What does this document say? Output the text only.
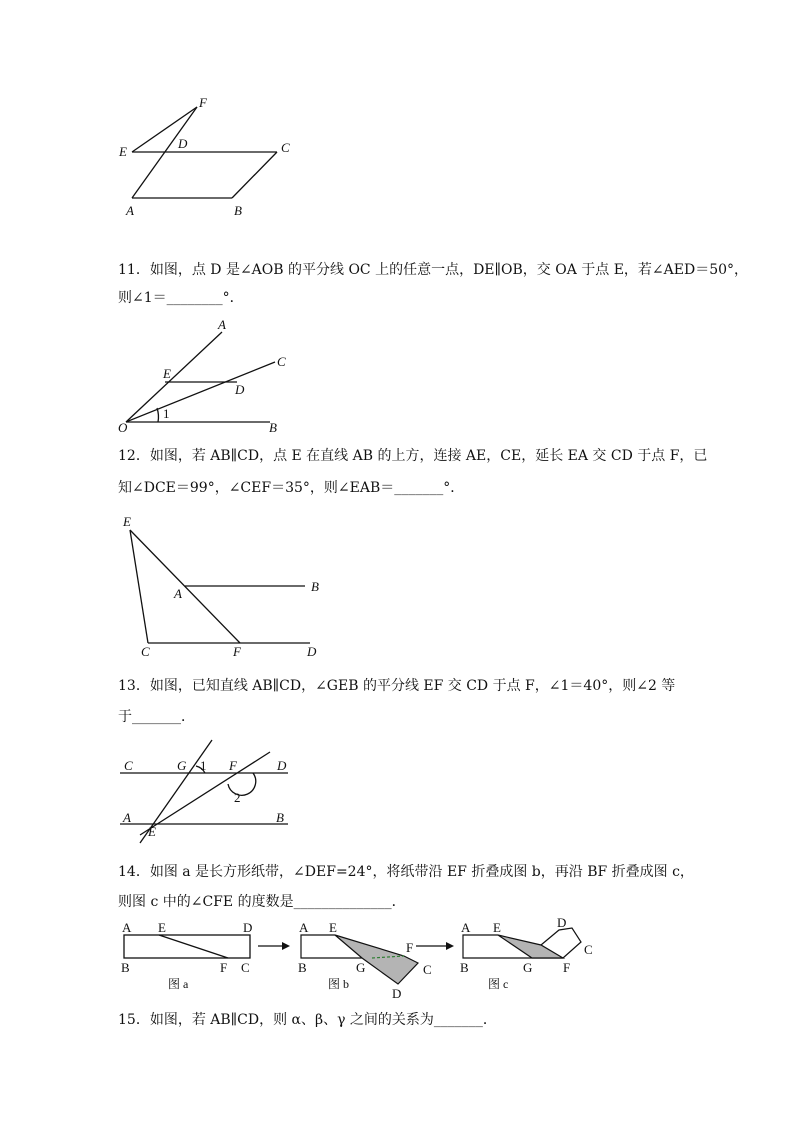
F
E
D	C
A	B
A
C
E
D
O
1
B
E
B
A
C	F	D
C	G 1 F	D
2
A
E
B
A E	D
B	F C
图 a
A E
F
B	G	C
D
图 b
A E	D
C
B	G F
图 c
11．如图，点 D 是∠AOB 的平分线 OC 上的任意一点，DE∥OB，交 OA 于点 E，若∠AED＝50°，
则∠1＝________°．
12．如图，若 AB∥CD，点 E 在直线 AB 的上方，连接 AE，CE，延长 EA 交 CD 于点 F，已
知∠DCE＝99°，∠CEF＝35°，则∠EAB＝_______°．
13．如图，已知直线 AB∥CD，∠GEB 的平分线 EF 交 CD 于点 F，∠1＝40°，则∠2 等
于_______．
14．如图 a 是长方形纸带，∠DEF=24°，将纸带沿 EF 折叠成图 b，再沿 BF 折叠成图 c，
则图 c 中的∠CFE 的度数是______________．
15．如图，若 AB∥CD，则 α、β、γ 之间的关系为_______．
